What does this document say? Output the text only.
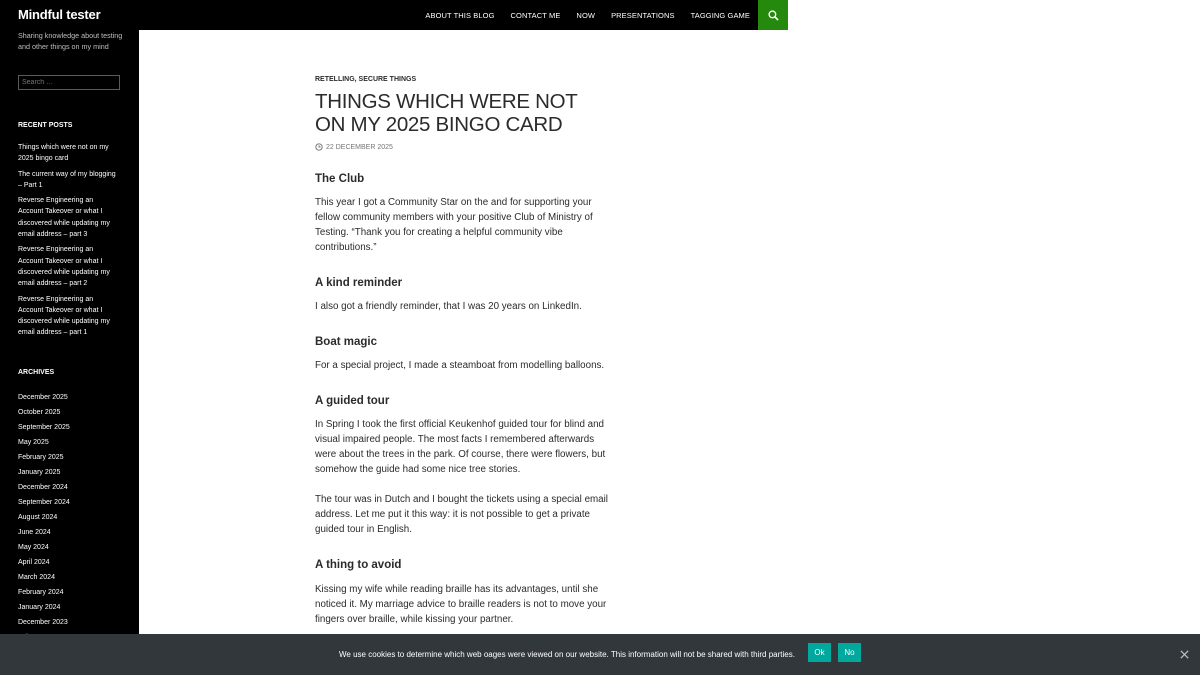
Mindful tester	ABOUT THIS BLOG CONTACT ME NOW PRESENTATIONS TAGGING GAME
Sharing knowledge about testing and other things on my mind
Search …
RECENT POSTS
Things which were not on my 2025 bingo card
The current way of my blogging – Part 1
Reverse Engineering an Account Takeover or what I discovered while updating my email address – part 3
Reverse Engineering an Account Takeover or what I discovered while updating my email address – part 2
Reverse Engineering an Account Takeover or what I discovered while updating my email address – part 1
ARCHIVES
December 2025
October 2025
September 2025
May 2025
February 2025
January 2025
December 2024
September 2024
August 2024
June 2024
May 2024
April 2024
March 2024
February 2024
January 2024
December 2023
RETELLING, SECURE THINGS
THINGS WHICH WERE NOT ON MY 2025 BINGO CARD
22 DECEMBER 2025
The Club
This year I got a Community Star on the and for supporting your fellow community members with your positive Club of Ministry of Testing. “Thank you for creating a helpful community vibe contributions.”
A kind reminder
I also got a friendly reminder, that I was 20 years on LinkedIn.
Boat magic
For a special project, I made a steamboat from modelling balloons.
A guided tour
In Spring I took the first official Keukenhof guided tour for blind and visual impaired people. The most facts I remembered afterwards were about the trees in the park. Of course, there were flowers, but somehow the guide had some nice tree stories.
The tour was in Dutch and I bought the tickets using a special email address. Let me put it this way: it is not possible to get a private guided tour in English.
A thing to avoid
Kissing my wife while reading braille has its advantages, until she noticed it. My marriage advice to braille readers is not to move your fingers over braille, while kissing your partner.
We use cookies to determine which web oages were viewed on our website. This information will not be shared with third parties.	Ok	No
